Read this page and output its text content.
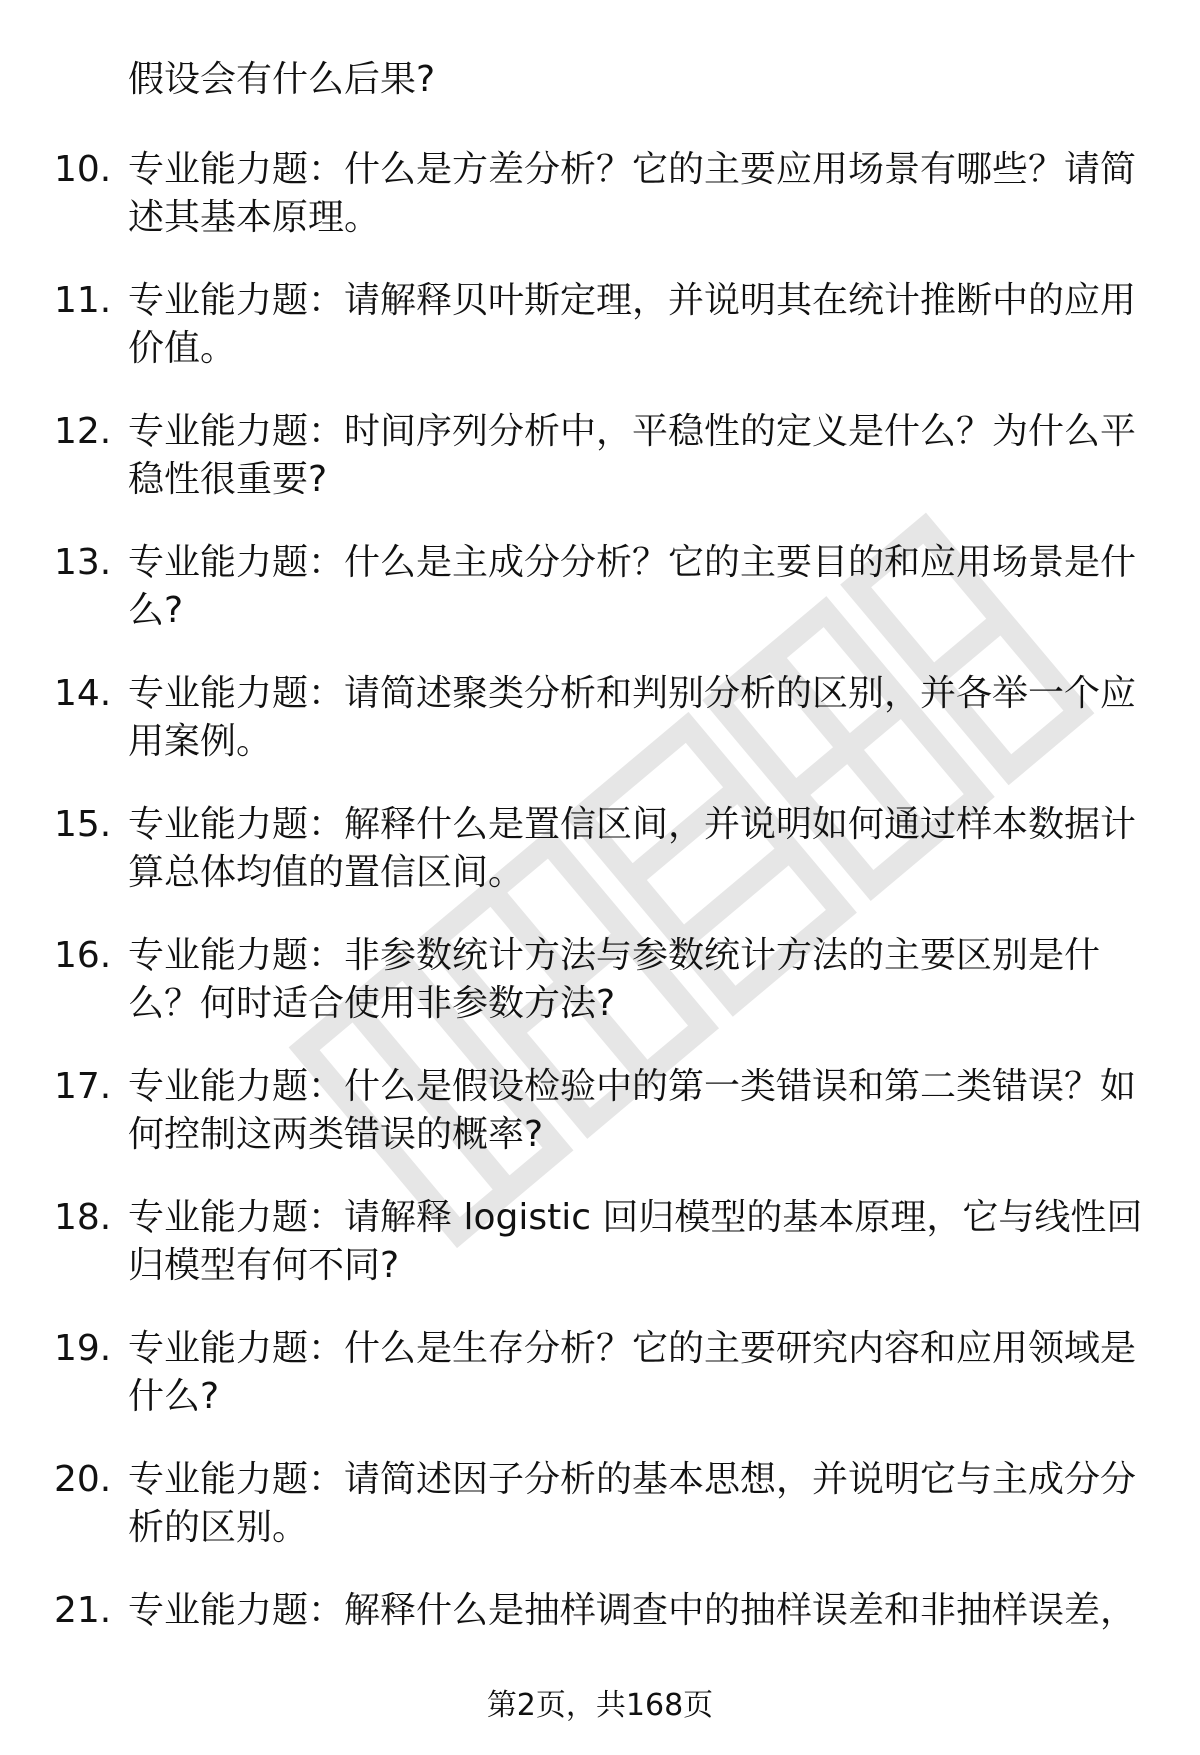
假设会有什么后果?
10. 专业能力题：什么是方差分析？它的主要应用场景有哪些？请简
述其基本原理。
11. 专业能力题：请解释贝叶斯定理，并说明其在统计推断中的应用
价值。
12. 专业能力题：时间序列分析中，平稳性的定义是什么？为什么平
稳性很重要?
13. 专业能力题：什么是主成分分析？它的主要目的和应用场景是什
么?
14. 专业能力题：请简述聚类分析和判别分析的区别，并各举一个应
用案例。
15. 专业能力题：解释什么是置信区间，并说明如何通过样本数据计
算总体均值的置信区间。
16. 专业能力题：非参数统计方法与参数统计方法的主要区别是什
么？何时适合使用非参数方法?
17. 专业能力题：什么是假设检验中的第一类错误和第二类错误？如
何控制这两类错误的概率?
18. 专业能力题：请解释 logistic 回归模型的基本原理，它与线性回
归模型有何不同?
19. 专业能力题：什么是生存分析？它的主要研究内容和应用领域是
什么?
20. 专业能力题：请简述因子分析的基本思想，并说明它与主成分分
析的区别。
21. 专业能力题：解释什么是抽样调查中的抽样误差和非抽样误差，
第2页，共168页
